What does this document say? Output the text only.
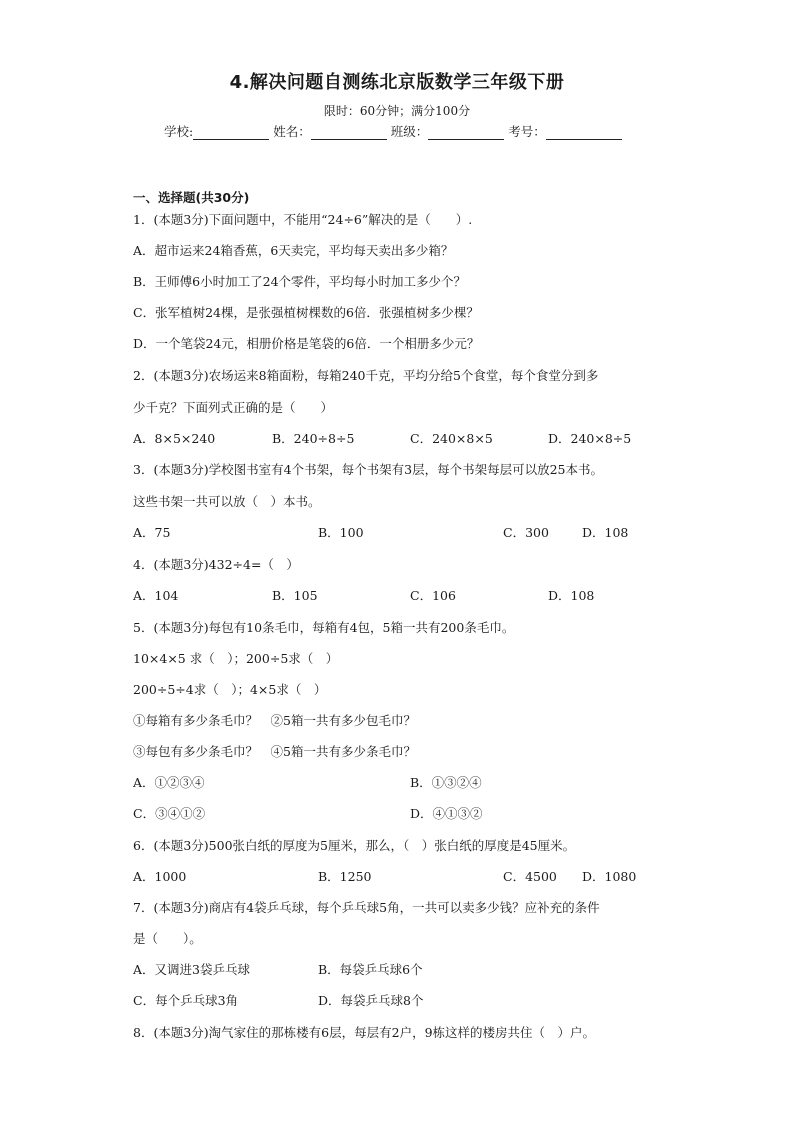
4.解决问题自测练北京版数学三年级下册
限时：60分钟；满分100分
学校:	姓名：	班级：	考号：
一、选择题(共30分)
1．(本题3分)下面问题中，不能用“24÷6”解决的是（　　）.
A．超市运来24箱香蕉，6天卖完，平均每天卖出多少箱？
B．王师傅6小时加工了24个零件，平均每小时加工多少个？
C．张军植树24棵，是张强植树棵数的6倍．张强植树多少棵？
D．一个笔袋24元，相册价格是笔袋的6倍．一个相册多少元？
2．(本题3分)农场运来8箱面粉，每箱240千克，平均分给5个食堂，每个食堂分到多
少千克？下面列式正确的是（　　）
A．8×5×240	B．240÷8÷5	C．240×8×5	D．240×8÷5
3．(本题3分)学校图书室有4个书架，每个书架有3层，每个书架每层可以放25本书。
这些书架一共可以放（　）本书。
A．75	B．100	C．300	D．108
4．(本题3分)432÷4=（　）
A．104	B．105	C．106	D．108
5．(本题3分)每包有10条毛巾，每箱有4包，5箱一共有200条毛巾。
10×4×5 求（　）；200÷5求（　）
200÷5÷4求（　）；4×5求（　）
①每箱有多少条毛巾？　②5箱一共有多少包毛巾？
③每包有多少条毛巾？　④5箱一共有多少条毛巾？
A．①②③④	B．①③②④
C．③④①②	D．④①③②
6．(本题3分)500张白纸的厚度为5厘米，那么，（　）张白纸的厚度是45厘米。
A．1000	B．1250	C．4500 D．1080
7．(本题3分)商店有4袋乒乓球，每个乒乓球5角，一共可以卖多少钱？应补充的条件
是（　　）。
A．又调进3袋乒乓球	B．每袋乒乓球6个
C．每个乒乓球3角	D．每袋乒乓球8个
8．(本题3分)淘气家住的那栋楼有6层，每层有2户，9栋这样的楼房共住（　）户。
